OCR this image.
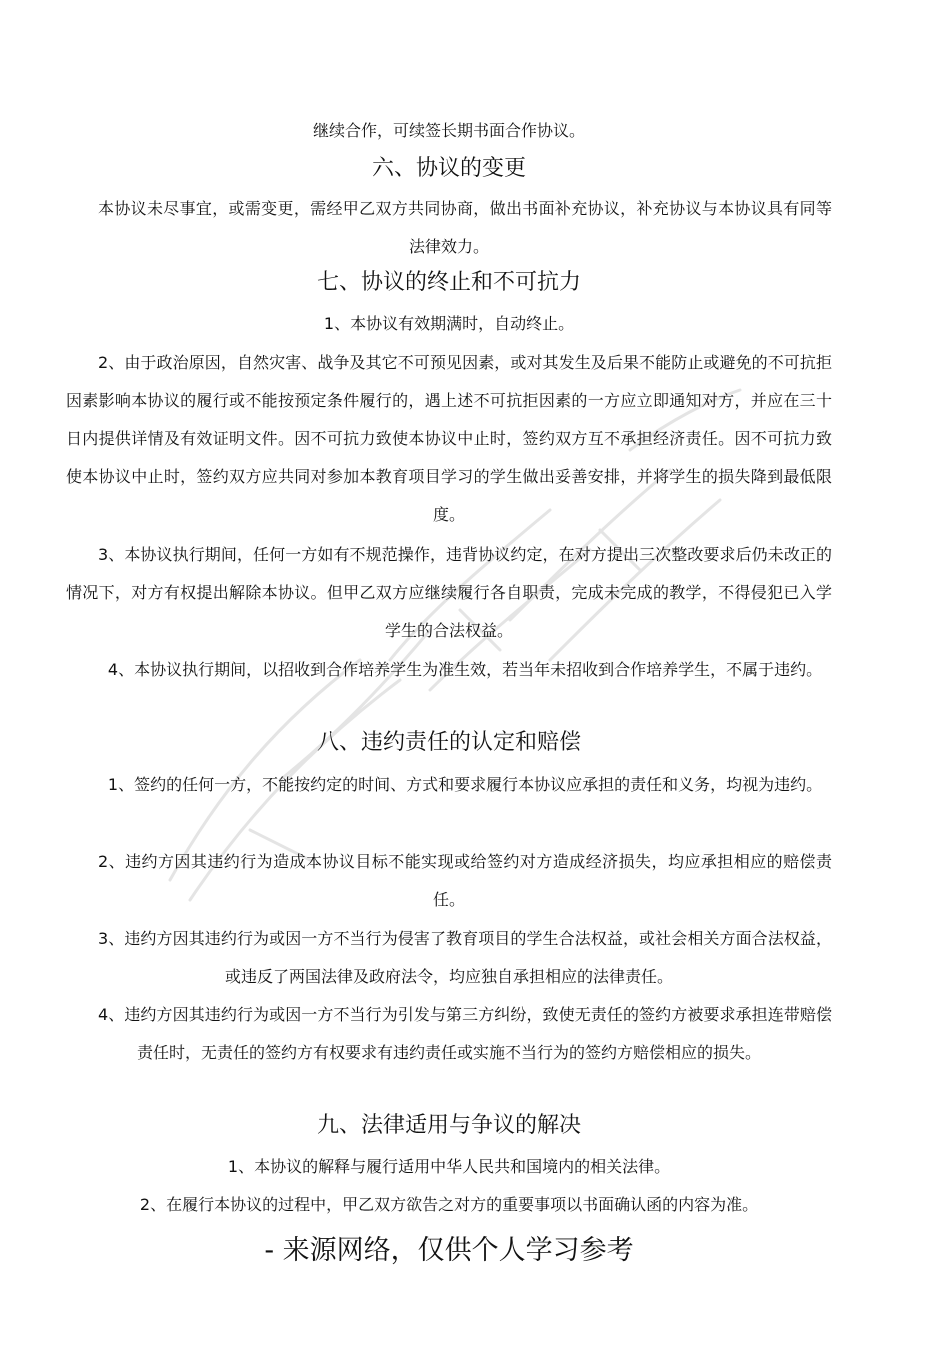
继续合作，可续签长期书面合作协议。

六、协议的变更

本协议未尽事宜，或需变更，需经甲乙双方共同协商，做出书面补充协议，补充协议与本协议具有同等法律效力。

七、协议的终止和不可抗力

1、本协议有效期满时，自动终止。

2、由于政治原因，自然灾害、战争及其它不可预见因素，或对其发生及后果不能防止或避免的不可抗拒因素影响本协议的履行或不能按预定条件履行的，遇上述不可抗拒因素的一方应立即通知对方，并应在三十日内提供详情及有效证明文件。因不可抗力致使本协议中止时，签约双方互不承担经济责任。因不可抗力致使本协议中止时，签约双方应共同对参加本教育项目学习的学生做出妥善安排，并将学生的损失降到最低限度。

3、本协议执行期间，任何一方如有不规范操作，违背协议约定，在对方提出三次整改要求后仍未改正的情况下，对方有权提出解除本协议。但甲乙双方应继续履行各自职责，完成未完成的教学，不得侵犯已入学学生的合法权益。

4、本协议执行期间，以招收到合作培养学生为准生效，若当年未招收到合作培养学生，不属于违约。

八、违约责任的认定和赔偿

1、签约的任何一方，不能按约定的时间、方式和要求履行本协议应承担的责任和义务，均视为违约。

2、违约方因其违约行为造成本协议目标不能实现或给签约对方造成经济损失，均应承担相应的赔偿责任。

3、违约方因其违约行为或因一方不当行为侵害了教育项目的学生合法权益，或社会相关方面合法权益，或违反了两国法律及政府法令，均应独自承担相应的法律责任。

4、违约方因其违约行为或因一方不当行为引发与第三方纠纷，致使无责任的签约方被要求承担连带赔偿责任时，无责任的签约方有权要求有违约责任或实施不当行为的签约方赔偿相应的损失。

九、法律适用与争议的解决

1、本协议的解释与履行适用中华人民共和国境内的相关法律。

2、在履行本协议的过程中，甲乙双方欲告之对方的重要事项以书面确认函的内容为准。

- 来源网络，仅供个人学习参考
